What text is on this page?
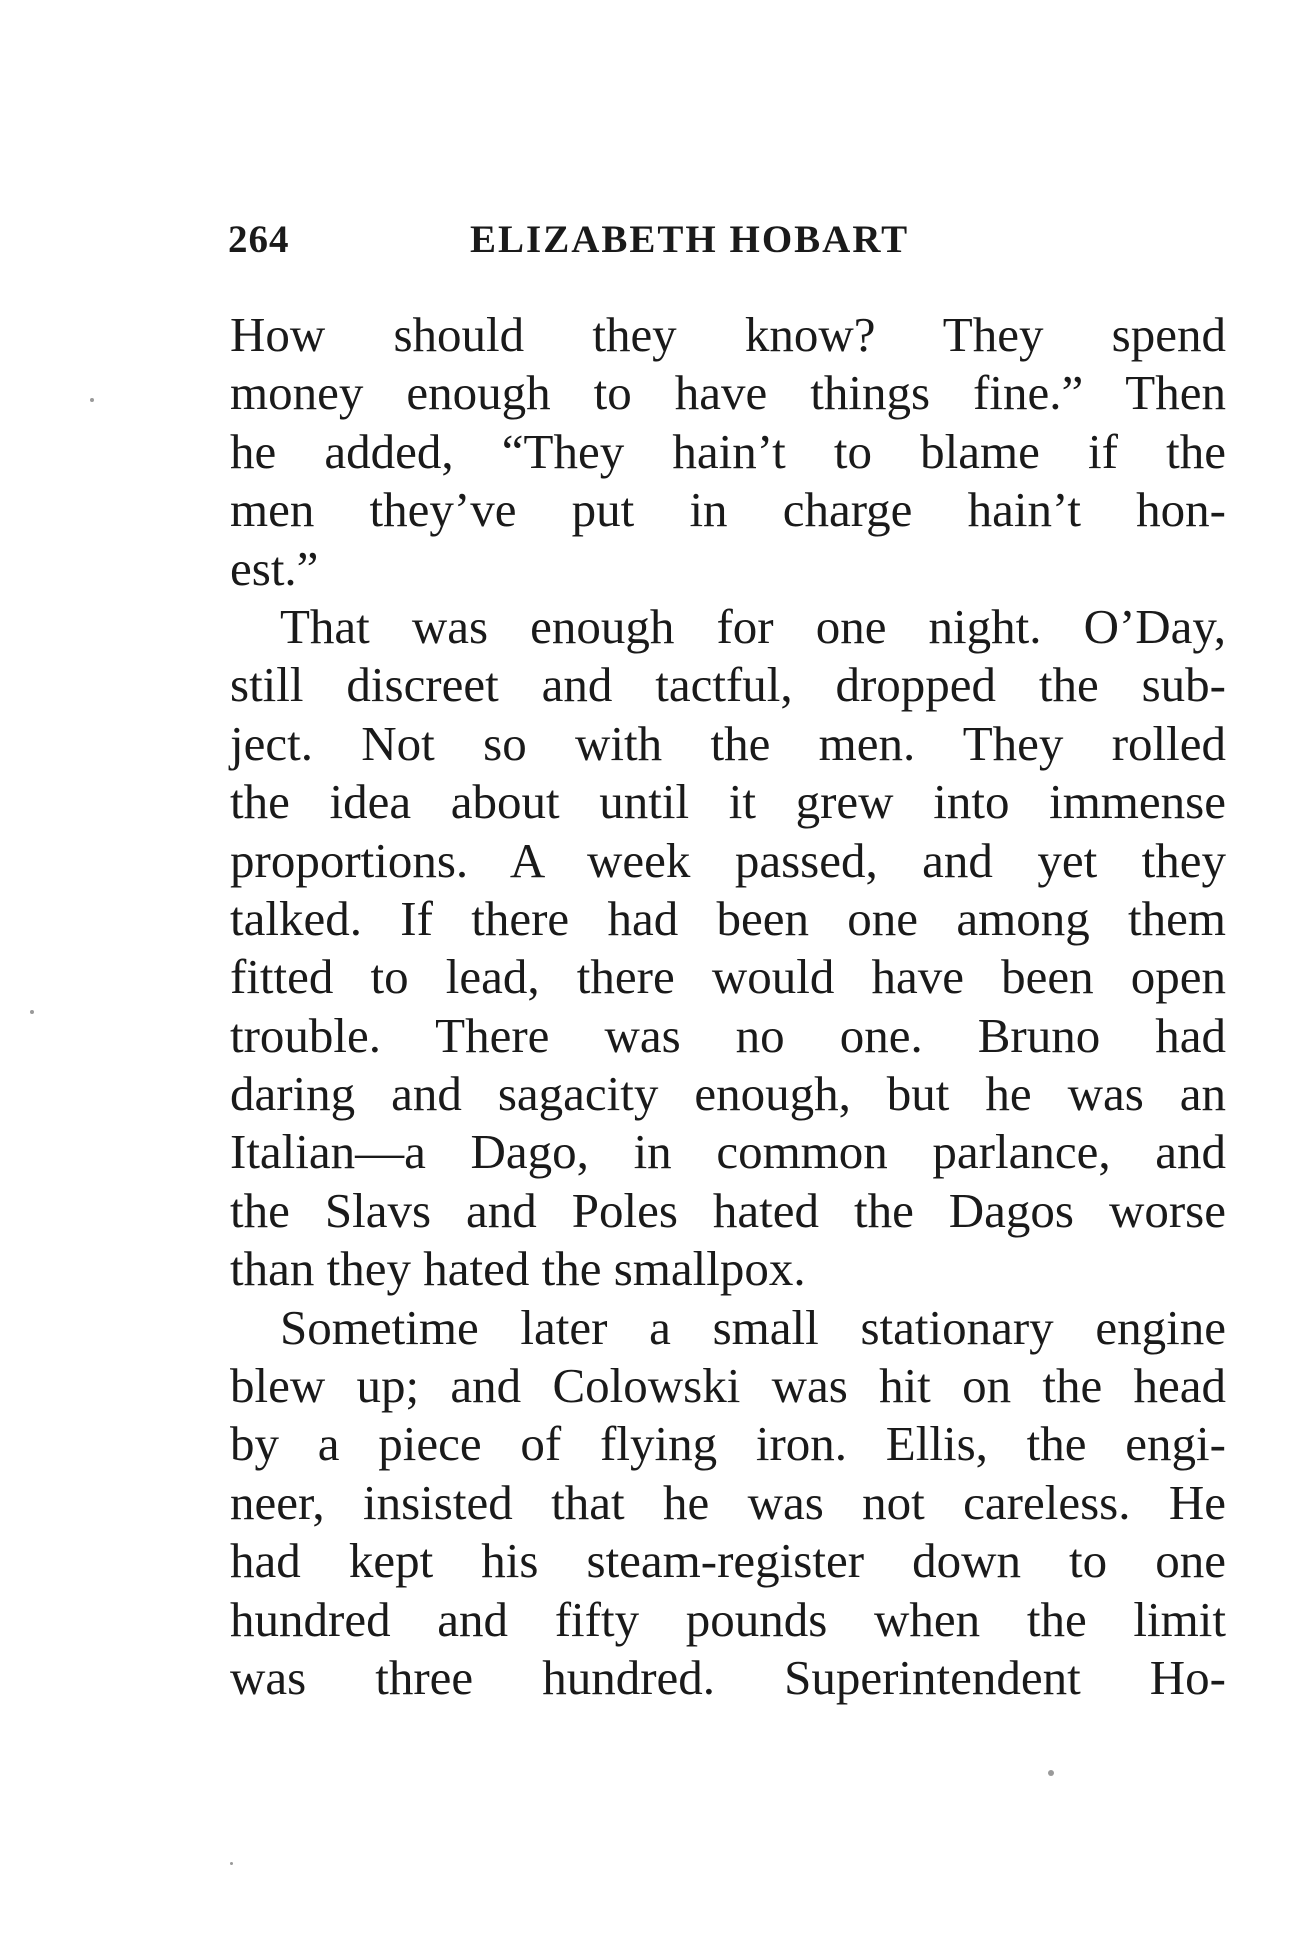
264	ELIZABETH HOBART
How should they know? They spend
money enough to have things fine.” Then
he added, “They hain’t to blame if the
men they’ve put in charge hain’t hon-
est.”
That was enough for one night. O’Day,
still discreet and tactful, dropped the sub-
ject. Not so with the men. They rolled
the idea about until it grew into immense
proportions. A week passed, and yet they
talked. If there had been one among them
fitted to lead, there would have been open
trouble. There was no one. Bruno had
daring and sagacity enough, but he was an
Italian—a Dago, in common parlance, and
the Slavs and Poles hated the Dagos worse
than they hated the smallpox.
Sometime later a small stationary engine
blew up; and Colowski was hit on the head
by a piece of flying iron. Ellis, the engi-
neer, insisted that he was not careless. He
had kept his steam-register down to one
hundred and fifty pounds when the limit
was three hundred. Superintendent Ho-
